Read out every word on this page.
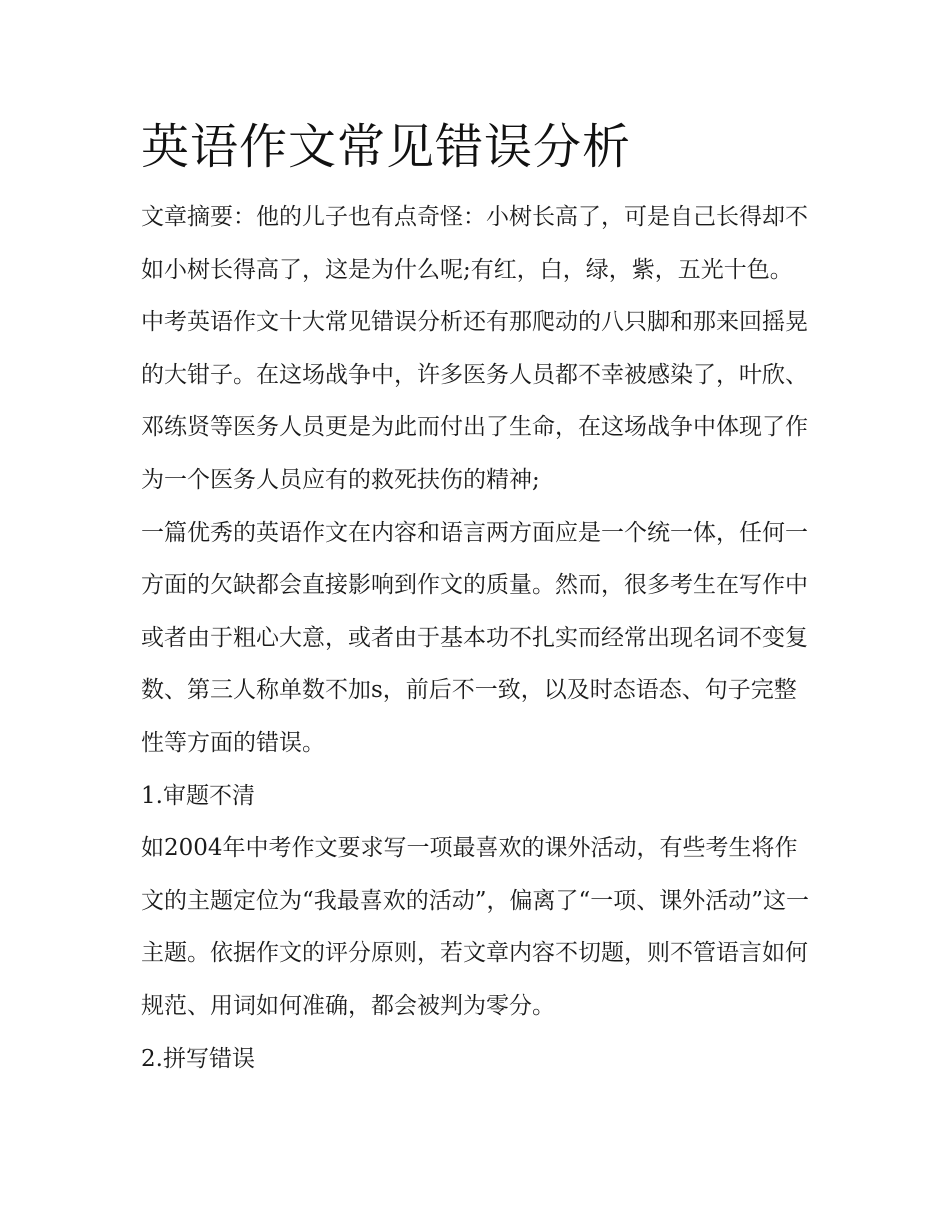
英语作文常见错误分析

文章摘要：他的儿子也有点奇怪：小树长高了，可是自己长得却不如小树长得高了，这是为什么呢;有红，白，绿，紫，五光十色。中考英语作文十大常见错误分析还有那爬动的八只脚和那来回摇晃的大钳子。在这场战争中，许多医务人员都不幸被感染了，叶欣、邓练贤等医务人员更是为此而付出了生命，在这场战争中体现了作为一个医务人员应有的救死扶伤的精神;

一篇优秀的英语作文在内容和语言两方面应是一个统一体，任何一方面的欠缺都会直接影响到作文的质量。然而，很多考生在写作中或者由于粗心大意，或者由于基本功不扎实而经常出现名词不变复数、第三人称单数不加s，前后不一致，以及时态语态、句子完整性等方面的错误。

1.审题不清

如2004年中考作文要求写一项最喜欢的课外活动，有些考生将作文的主题定位为“我最喜欢的活动”，偏离了“一项、课外活动”这一主题。依据作文的评分原则，若文章内容不切题，则不管语言如何规范、用词如何准确，都会被判为零分。

2.拼写错误
